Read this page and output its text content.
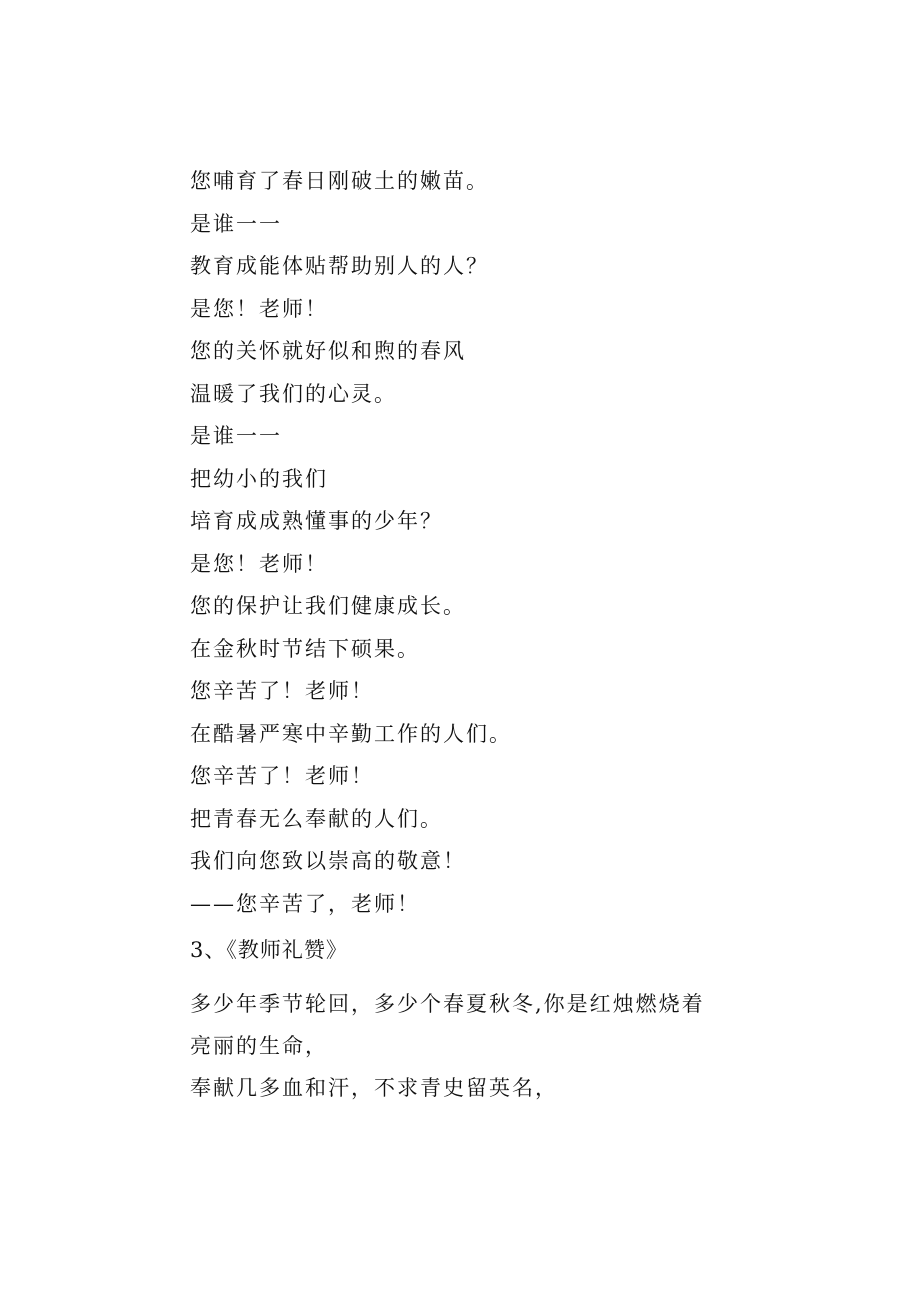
您哺育了春日刚破土的嫩苗。
是谁一一
教育成能体贴帮助别人的人？
是您！老师！
您的关怀就好似和煦的春风
温暖了我们的心灵。
是谁一一
把幼小的我们
培育成成熟懂事的少年？
是您！老师！
您的保护让我们健康成长。
在金秋时节结下硕果。
您辛苦了！老师！
在酷暑严寒中辛勤工作的人们。
您辛苦了！老师！
把青春无么奉献的人们。
我们向您致以崇高的敬意！
——您辛苦了，老师！
3、《教师礼赞》
多少年季节轮回，多少个春夏秋冬,你是红烛燃烧着
亮丽的生命，
奉献几多血和汗，不求青史留英名，
